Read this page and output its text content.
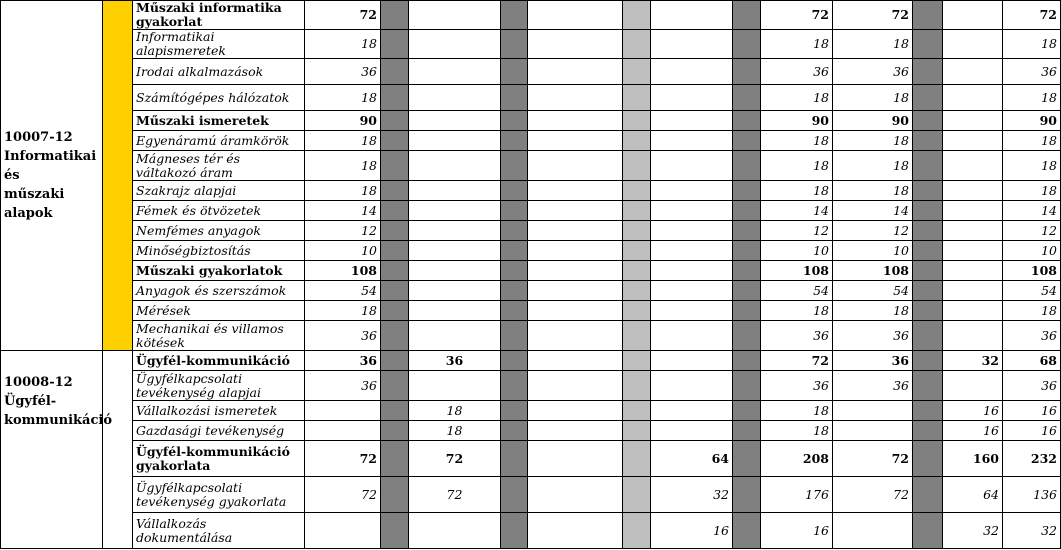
10007-12
Informatikai és
műszaki alapok		Műszaki informatika gyakorlat	72								72	72			72
		Informatikai alapismeretek	18								18	18			18
		Irodai alkalmazások	36								36	36			36
		Számítógépes hálózatok	18								18	18			18
		Műszaki ismeretek	90								90	90			90
		Egyenáramú áramkörök	18								18	18			18
		Mágneses tér és váltakozó áram	18								18	18			18
		Szakrajz alapjai	18								18	18			18
		Fémek és ötvözetek	14								14	14			14
		Nemfémes anyagok	12								12	12			12
		Minőségbiztosítás	10								10	10			10
		Műszaki gyakorlatok	108								108	108			108
		Anyagok és szerszámok	54								54	54			54
		Mérések	18								18	18			18
		Mechanikai és villamos kötések	36								36	36			36

10008-12
Ügyfél-
kommunikáció		Ügyfél-kommunikáció	36		36						72	36		32	68
		Ügyfélkapcsolati tevékenység alapjai	36								36	36			36
		Vállalkozási ismeretek			18						18			16	16
		Gazdasági tevékenység			18						18			16	16
		Ügyfél-kommunikáció gyakorlata	72		72				64		208	72		160	232
		Ügyfélkapcsolati tevékenység gyakorlata	72		72				32		176	72		64	136
		Vállalkozás dokumentálása							16		16			32	32
